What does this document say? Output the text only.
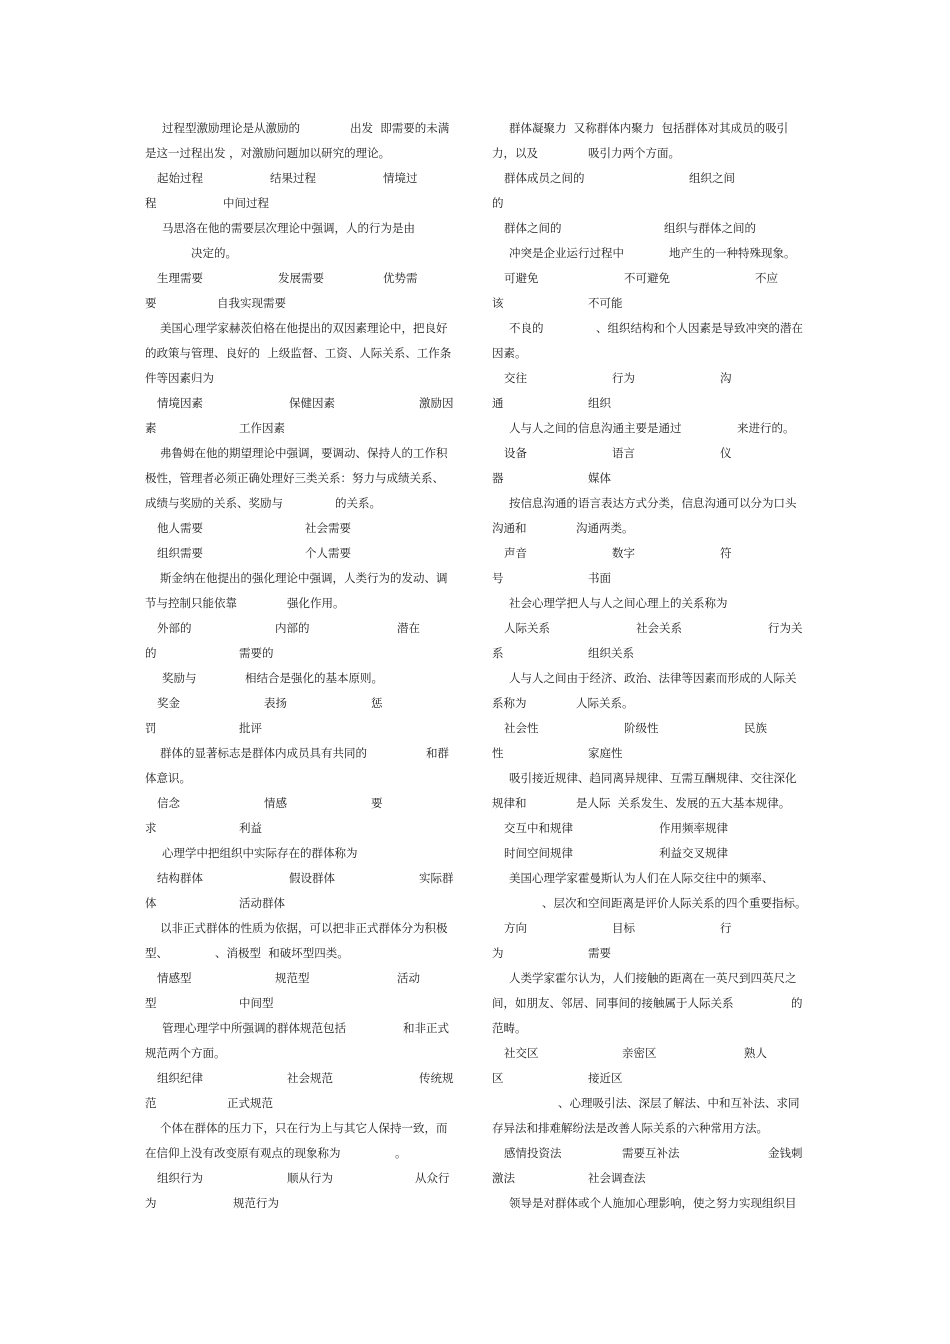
过程型激励理论是从激励的	出发  即需要的未满
是这一过程出发 ，对激励问题加以研究的理论。
起始过程	结果过程	情境过
程	中间过程
马思洛在他的需要层次理论中强调，人的行为是由
决定的。
生理需要	发展需要	优势需
要	自我实现需要
美国心理学家赫茨伯格在他提出的双因素理论中，把良好
的政策与管理、良好的  上级监督、工资、人际关系、工作条
件等因素归为
情境因素	保健因素	激励因
素	工作因素
弗鲁姆在他的期望理论中强调，要调动、保持人的工作积
极性，管理者必须正确处理好三类关系：努力与成绩关系、
成绩与奖励的关系、奖励与	的关系。
他人需要	社会需要
组织需要	个人需要
斯金纳在他提出的强化理论中强调，人类行为的发动、调
节与控制只能依靠	强化作用。
外部的	内部的	潜在
的	需要的
奖励与	相结合是强化的基本原则。
奖金	表扬	惩
罚	批评
群体的显著标志是群体内成员具有共同的	和群
体意识。
信念	情感	要
求	利益
心理学中把组织中实际存在的群体称为
结构群体	假设群体	实际群
体	活动群体
以非正式群体的性质为依据，可以把非正式群体分为积极
型、	、消极型  和破坏型四类。
情感型	规范型	活动
型	中间型
管理心理学中所强调的群体规范包括	和非正式
规范两个方面。
组织纪律	社会规范	传统规
范	正式规范
个体在群体的压力下，只在行为上与其它人保持一致，而
在信仰上没有改变原有观点的现象称为	。
组织行为	顺从行为	从众行
为	规范行为
群体凝聚力  又称群体内聚力  包括群体对其成员的吸引
力，以及	吸引力两个方面。
群体成员之间的	组织之间
的
群体之间的	组织与群体之间的
冲突是企业运行过程中	地产生的一种特殊现象。
可避免	不可避免	不应
该	不可能
不良的	、组织结构和个人因素是导致冲突的潜在
因素。
交往	行为	沟
通	组织
人与人之间的信息沟通主要是通过	来进行的。
设备	语言	仪
器	媒体
按信息沟通的语言表达方式分类，信息沟通可以分为口头
沟通和	沟通两类。
声音	数字	符
号	书面
社会心理学把人与人之间心理上的关系称为
人际关系	社会关系	行为关
系	组织关系
人与人之间由于经济、政治、法律等因素而形成的人际关
系称为	人际关系。
社会性	阶级性	民族
性	家庭性
吸引接近规律、趋同离异规律、互需互酬规律、交往深化
规律和	是人际  关系发生、发展的五大基本规律。
交互中和规律	作用频率规律
时间空间规律	利益交叉规律
美国心理学家霍曼斯认为人们在人际交往中的频率、
、层次和空间距离是评价人际关系的四个重要指标。
方向	目标	行
为	需要
人类学家霍尔认为，人们接触的距离在一英尺到四英尺之
间，如朋友、邻居、同事间的接触属于人际关系	的
范畴。
社交区	亲密区	熟人
区	接近区
、心理吸引法、深层了解法、中和互补法、求同
存异法和排难解纷法是改善人际关系的六种常用方法。
感情投资法	需要互补法	金钱刺
激法	社会调查法
领导是对群体或个人施加心理影响，使之努力实现组织目
